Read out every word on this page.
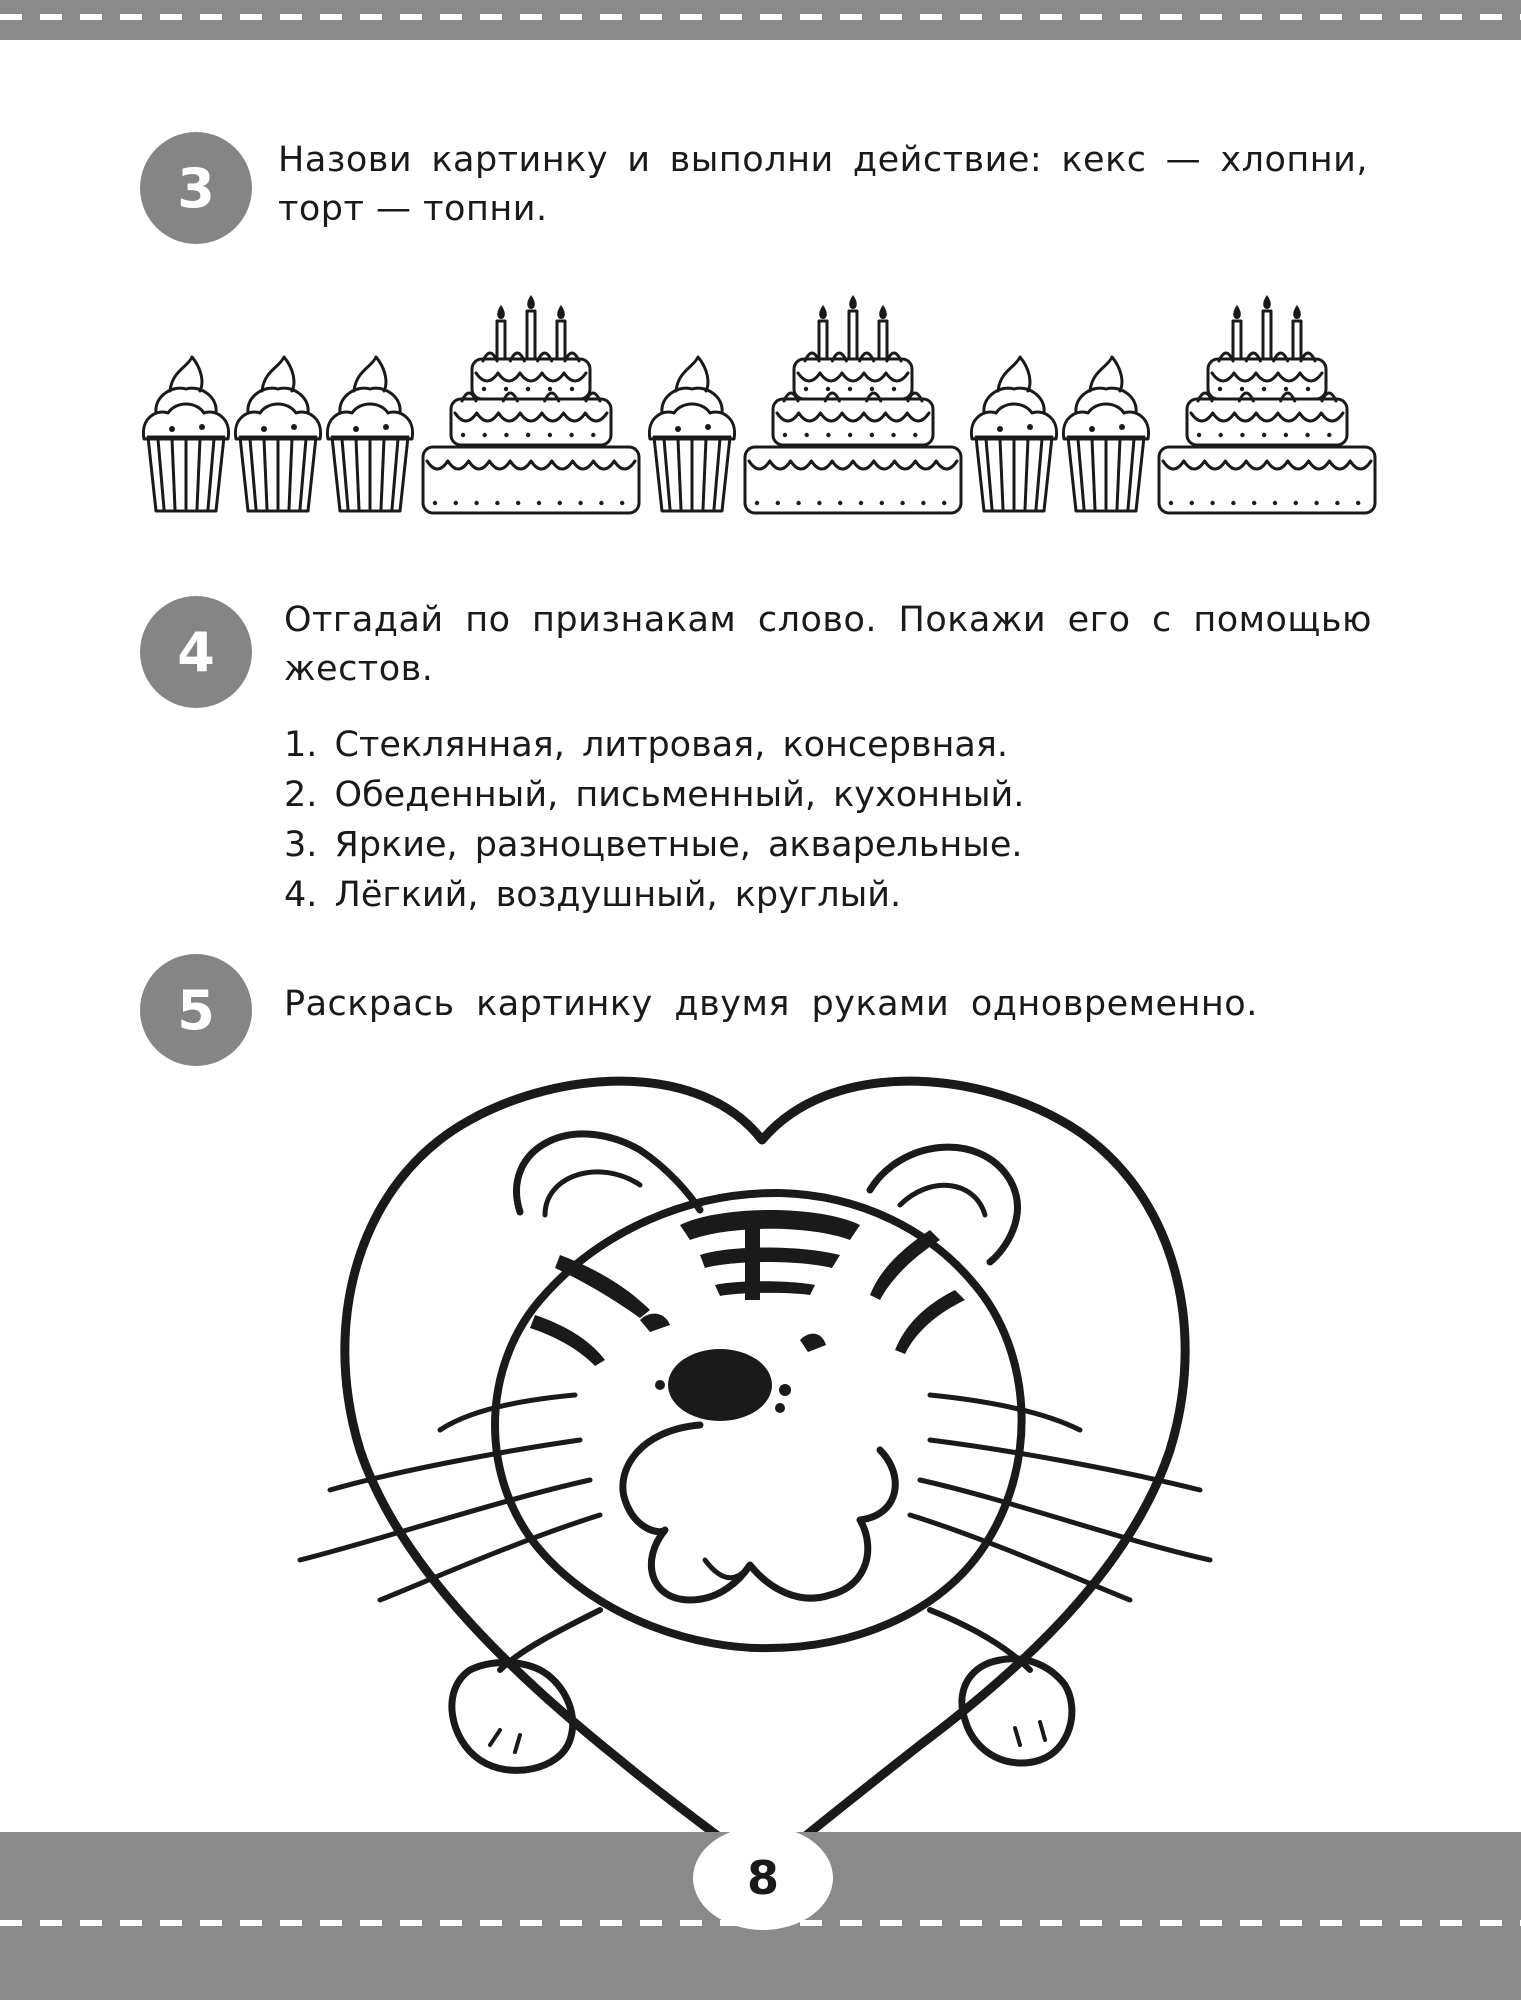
3	Назови картинку и выполни действие: кекс — хлопни, торт — топни.
4
Отгадай по признакам слово. Покажи его с помощью жестов.
1. Стеклянная, литровая, консервная.
2. Обеденный, письменный, кухонный.
3. Яркие, разноцветные, акварельные.
4. Лёгкий, воздушный, круглый.
5	Раскрась картинку двумя руками одновременно.
8
